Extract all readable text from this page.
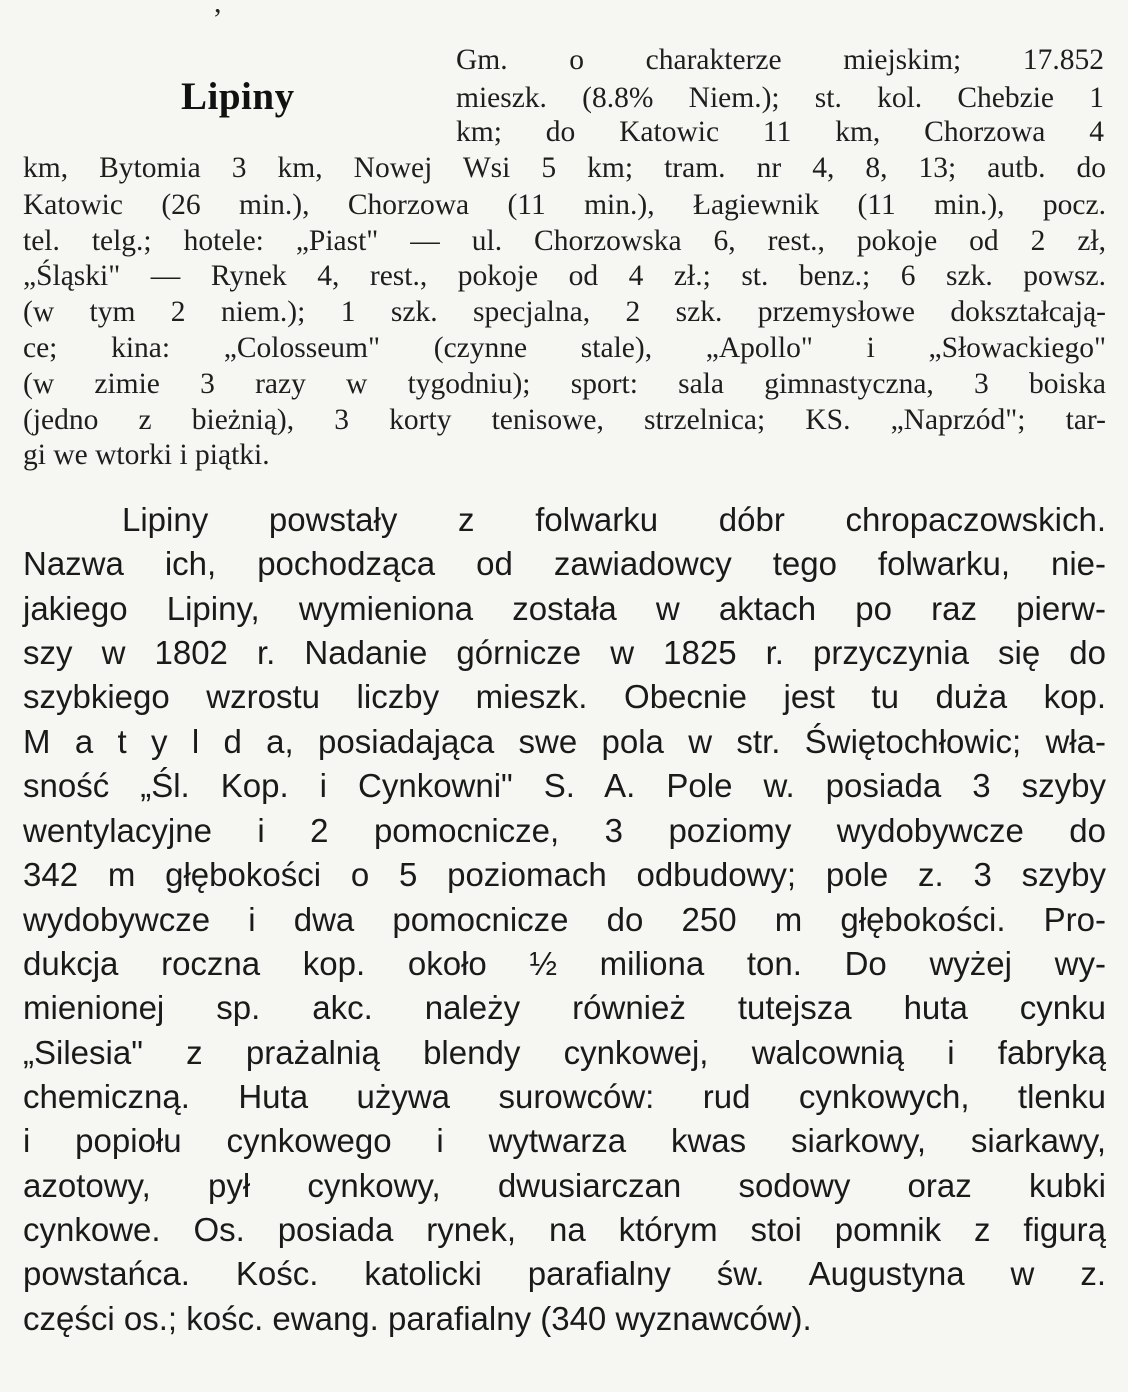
,
Lipiny
Gm. o charakterze miejskim; 17.852
mieszk. (8.8% Niem.); st. kol. Chebzie 1
km; do Katowic 11 km, Chorzowa 4
km, Bytomia 3 km, Nowej Wsi 5 km; tram. nr 4, 8, 13; autb. do
Katowic (26 min.), Chorzowa (11 min.), Łagiewnik (11 min.), pocz.
tel. telg.; hotele: „Piast" — ul. Chorzowska 6, rest., pokoje od 2 zł,
„Śląski" — Rynek 4, rest., pokoje od 4 zł.; st. benz.; 6 szk. powsz.
(w tym 2 niem.); 1 szk. specjalna, 2 szk. przemysłowe dokształcają-
ce; kina: „Colosseum" (czynne stale), „Apollo" i „Słowackiego"
(w zimie 3 razy w tygodniu); sport: sala gimnastyczna, 3 boiska
(jedno z bieżnią), 3 korty tenisowe, strzelnica; KS. „Naprzód"; tar-
gi we wtorki i piątki.
Lipiny powstały z folwarku dóbr chropaczowskich.
Nazwa ich, pochodząca od zawiadowcy tego folwarku, nie-
jakiego Lipiny, wymieniona została w aktach po raz pierw-
szy w 1802 r. Nadanie górnicze w 1825 r. przyczynia się do
szybkiego wzrostu liczby mieszk. Obecnie jest tu duża kop.
M a t y l d a, posiadająca swe pola w str. Świętochłowic; wła-
sność „Śl. Kop. i Cynkowni" S. A. Pole w. posiada 3 szyby
wentylacyjne i 2 pomocnicze, 3 poziomy wydobywcze do
342 m głębokości o 5 poziomach odbudowy; pole z. 3 szyby
wydobywcze i dwa pomocnicze do 250 m głębokości. Pro-
dukcja roczna kop. około ½ miliona ton. Do wyżej wy-
mienionej sp. akc. należy również tutejsza huta cynku
„Silesia" z prażalnią blendy cynkowej, walcownią i fabryką
chemiczną. Huta używa surowców: rud cynkowych, tlenku
i popiołu cynkowego i wytwarza kwas siarkowy, siarkawy,
azotowy, pył cynkowy, dwusiarczan sodowy oraz kubki
cynkowe. Os. posiada rynek, na którym stoi pomnik z figurą
powstańca. Kośc. katolicki parafialny św. Augustyna w z.
części os.; kośc. ewang. parafialny (340 wyznawców).
